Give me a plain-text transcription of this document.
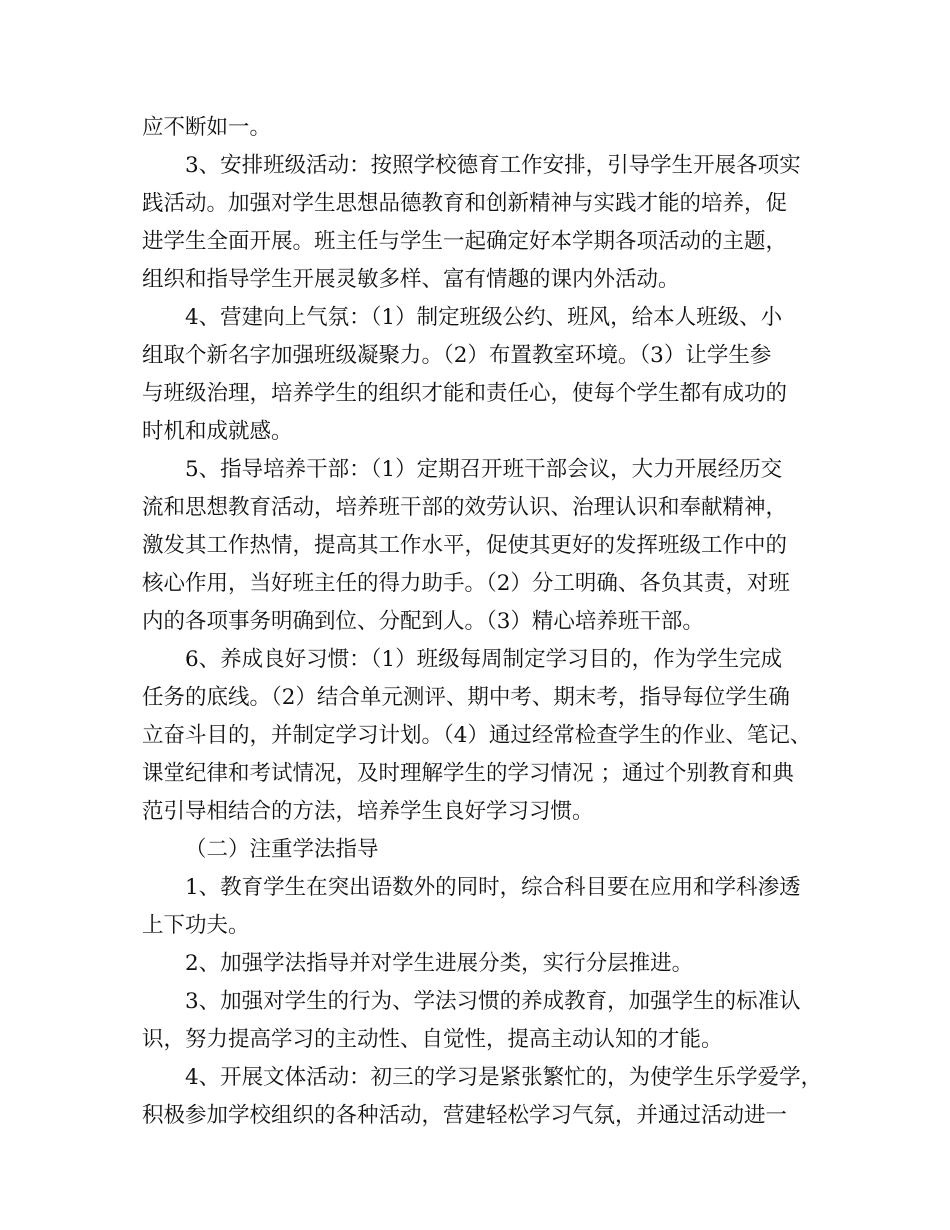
应不断如一。
3、安排班级活动：按照学校德育工作安排，引导学生开展各项实
践活动。加强对学生思想品德教育和创新精神与实践才能的培养，促
进学生全面开展。班主任与学生一起确定好本学期各项活动的主题，
组织和指导学生开展灵敏多样、富有情趣的课内外活动。
4、营建向上气氛：（1）制定班级公约、班风，给本人班级、小
组取个新名字加强班级凝聚力。（2）布置教室环境。（3）让学生参
与班级治理，培养学生的组织才能和责任心，使每个学生都有成功的
时机和成就感。
5、指导培养干部：（1）定期召开班干部会议，大力开展经历交
流和思想教育活动，培养班干部的效劳认识、治理认识和奉献精神，
激发其工作热情，提高其工作水平，促使其更好的发挥班级工作中的
核心作用，当好班主任的得力助手。（2）分工明确、各负其责，对班
内的各项事务明确到位、分配到人。（3）精心培养班干部。
6、养成良好习惯：（1）班级每周制定学习目的，作为学生完成
任务的底线。（2）结合单元测评、期中考、期末考，指导每位学生确
立奋斗目的，并制定学习计划。（4）通过经常检查学生的作业、笔记、
课堂纪律和考试情况，及时理解学生的学习情况 ；通过个别教育和典
范引导相结合的方法，培养学生良好学习习惯。
（二）注重学法指导
1、教育学生在突出语数外的同时，综合科目要在应用和学科渗透
上下功夫。
2、加强学法指导并对学生进展分类，实行分层推进。
3、加强对学生的行为、学法习惯的养成教育，加强学生的标准认
识，努力提高学习的主动性、自觉性，提高主动认知的才能。
4、开展文体活动：初三的学习是紧张繁忙的，为使学生乐学爱学，
积极参加学校组织的各种活动，营建轻松学习气氛，并通过活动进一
